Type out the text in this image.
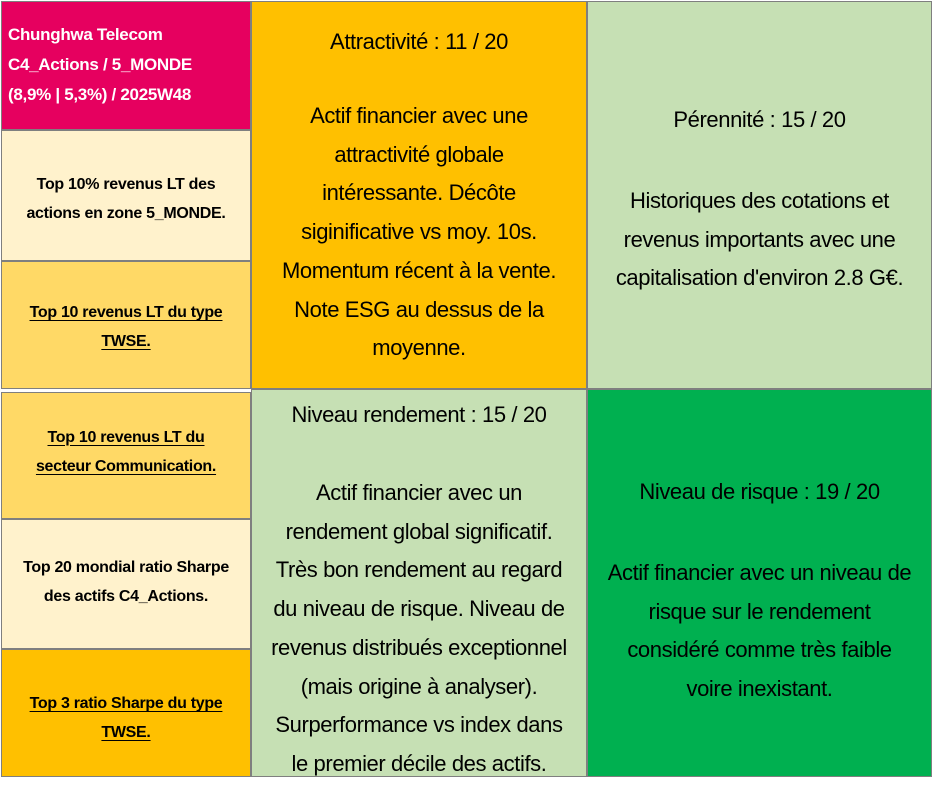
Chunghwa Telecom
C4_Actions / 5_MONDE
(8,9% | 5,3%) / 2025W48
Top 10% revenus LT des
actions en zone 5_MONDE.
Top 10 revenus LT du type
TWSE.
Top 10 revenus LT du
secteur Communication.
Top 20 mondial ratio Sharpe
des actifs C4_Actions.
Top 3 ratio Sharpe du type
TWSE.
Attractivité : 11 / 20
Actif financier avec une
attractivité globale
intéressante. Décôte
siginificative vs moy. 10s.
Momentum récent à la vente.
Note ESG au dessus de la
moyenne.
Pérennité : 15 / 20
Historiques des cotations et
revenus importants avec une
capitalisation d'environ 2.8 G€.
Niveau rendement : 15 / 20
Actif financier avec un
rendement global significatif.
Très bon rendement au regard
du niveau de risque. Niveau de
revenus distribués exceptionnel
(mais origine à analyser).
Surperformance vs index dans
le premier décile des actifs.
Niveau de risque : 19 / 20
Actif financier avec un niveau de
risque sur le rendement
considéré comme très faible
voire inexistant.
